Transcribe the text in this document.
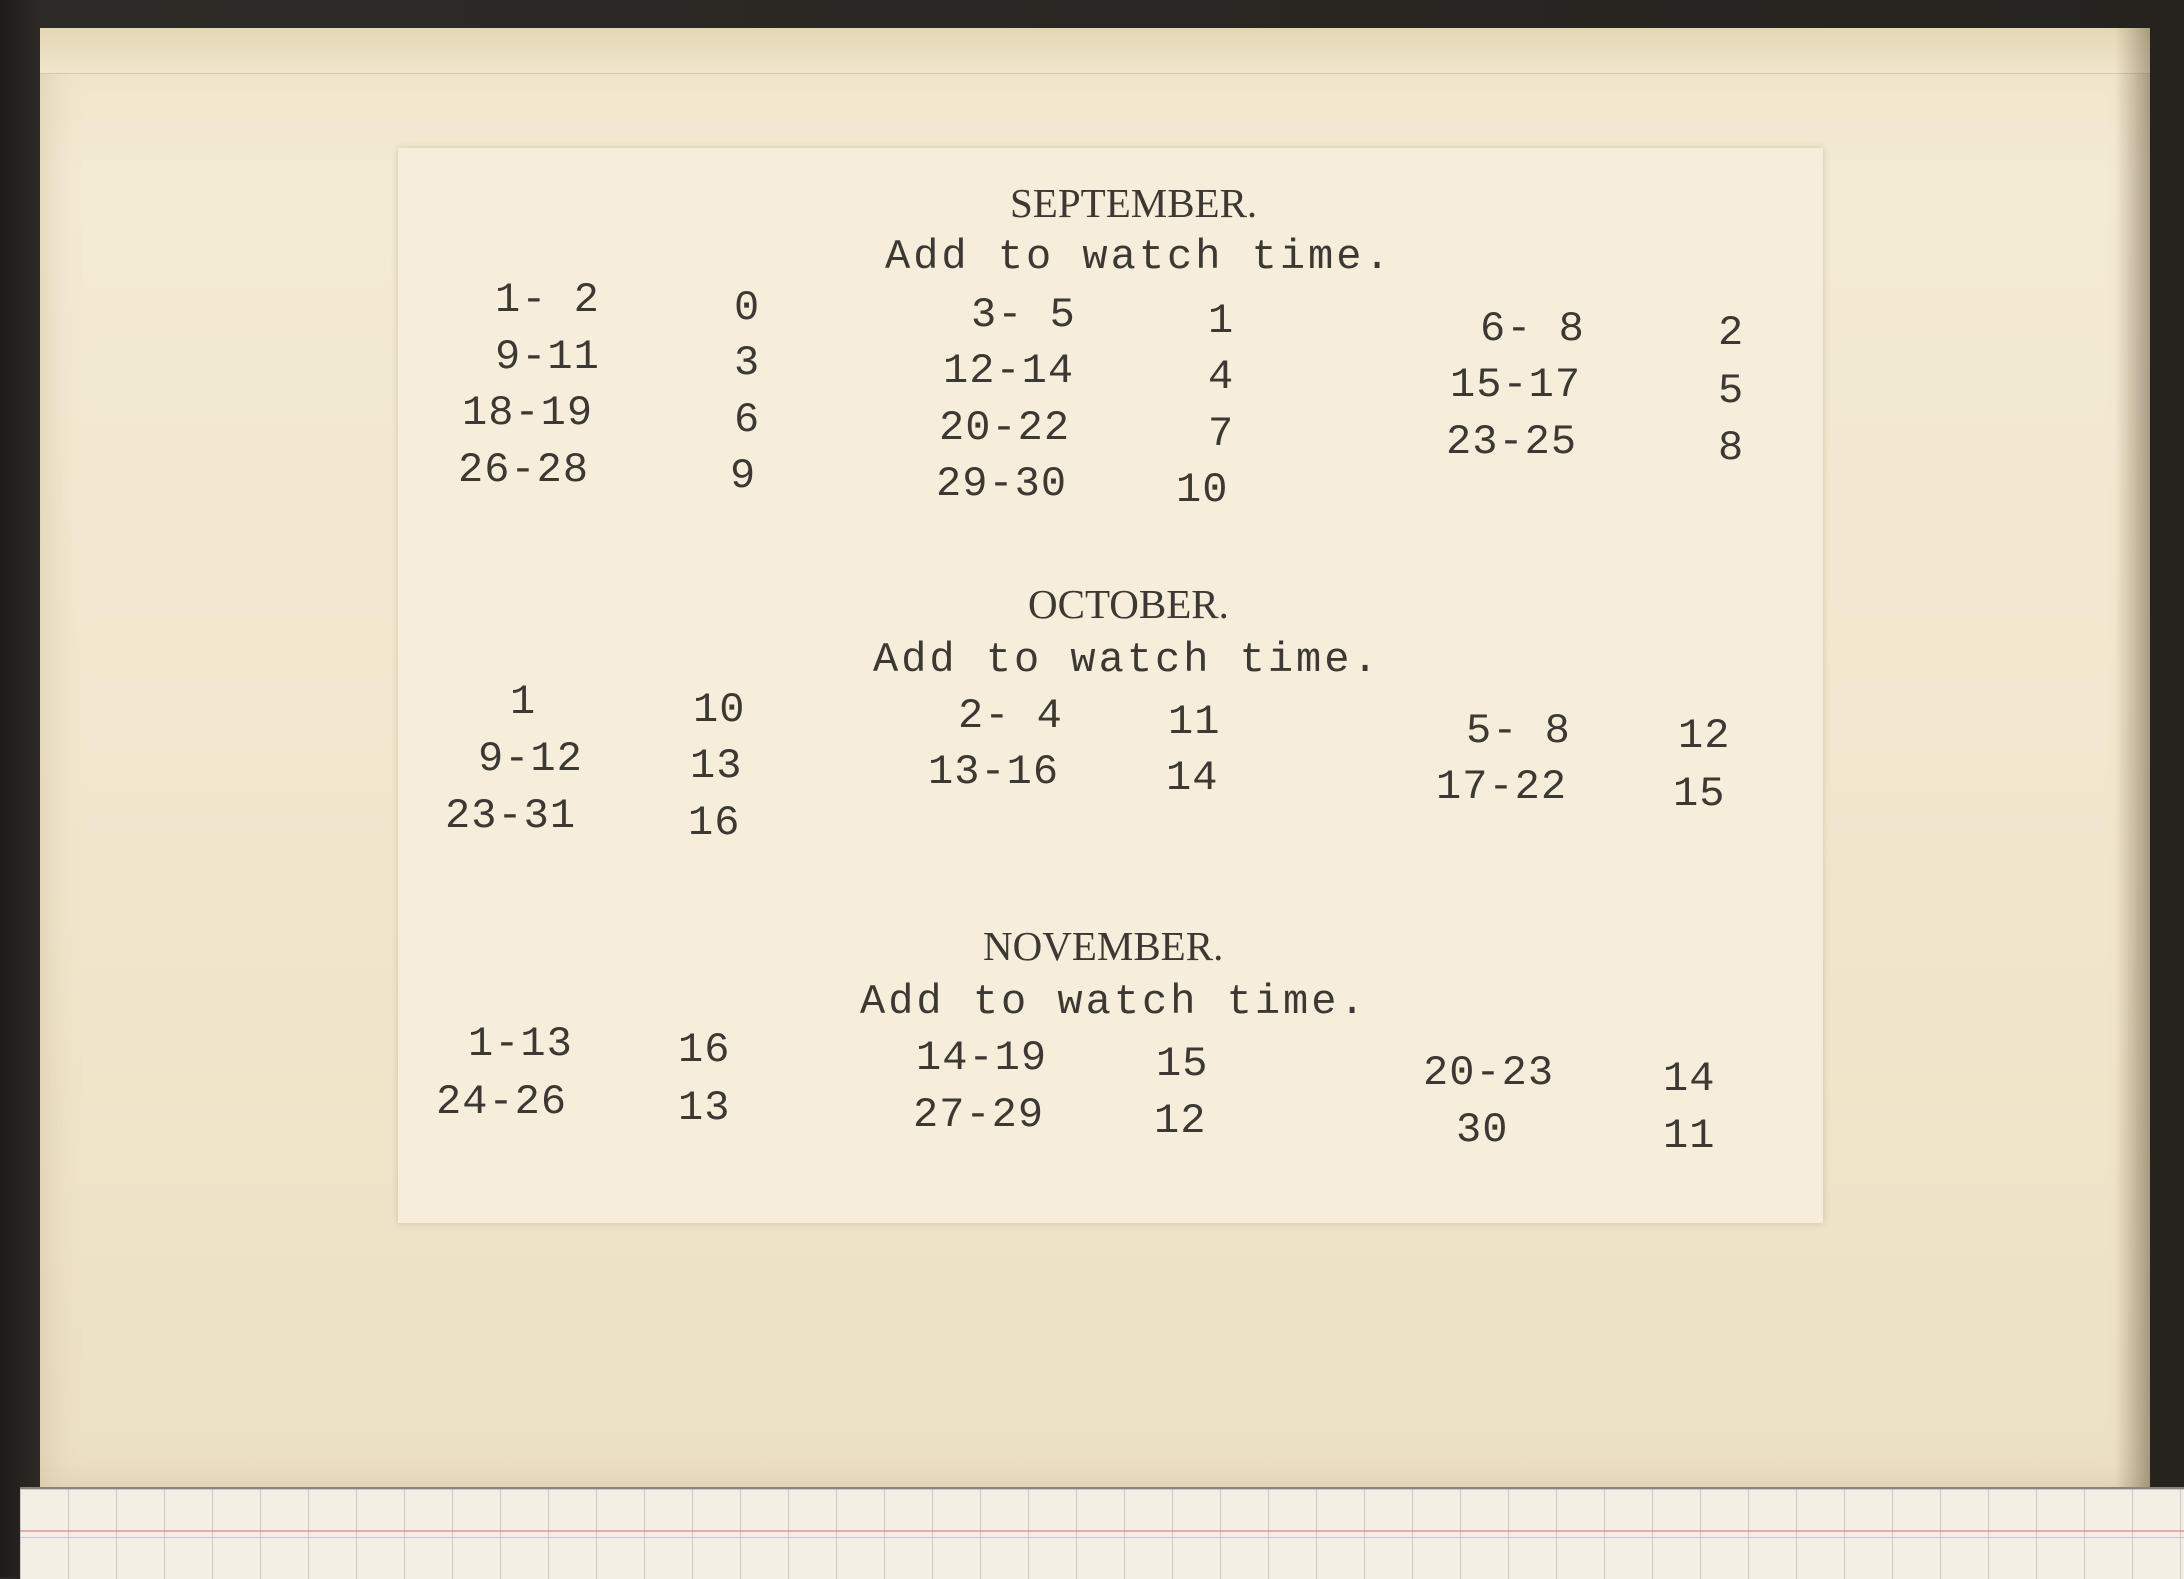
SEPTEMBER.
Add to watch time.
1- 2	0	3- 5	1	6- 8	2
9-11	3	12-14	4	15-17	5
18-19	6	20-22	7	23-25	8
26-28	9	29-30	10
OCTOBER.
Add to watch time.
1	10	2- 4	11	5- 8	12
9-12	13	13-16	14	17-22	15
23-31	16
NOVEMBER.
Add to watch time.
1-13	16	14-19	15	20-23	14
24-26	13	27-29	12	30	11
